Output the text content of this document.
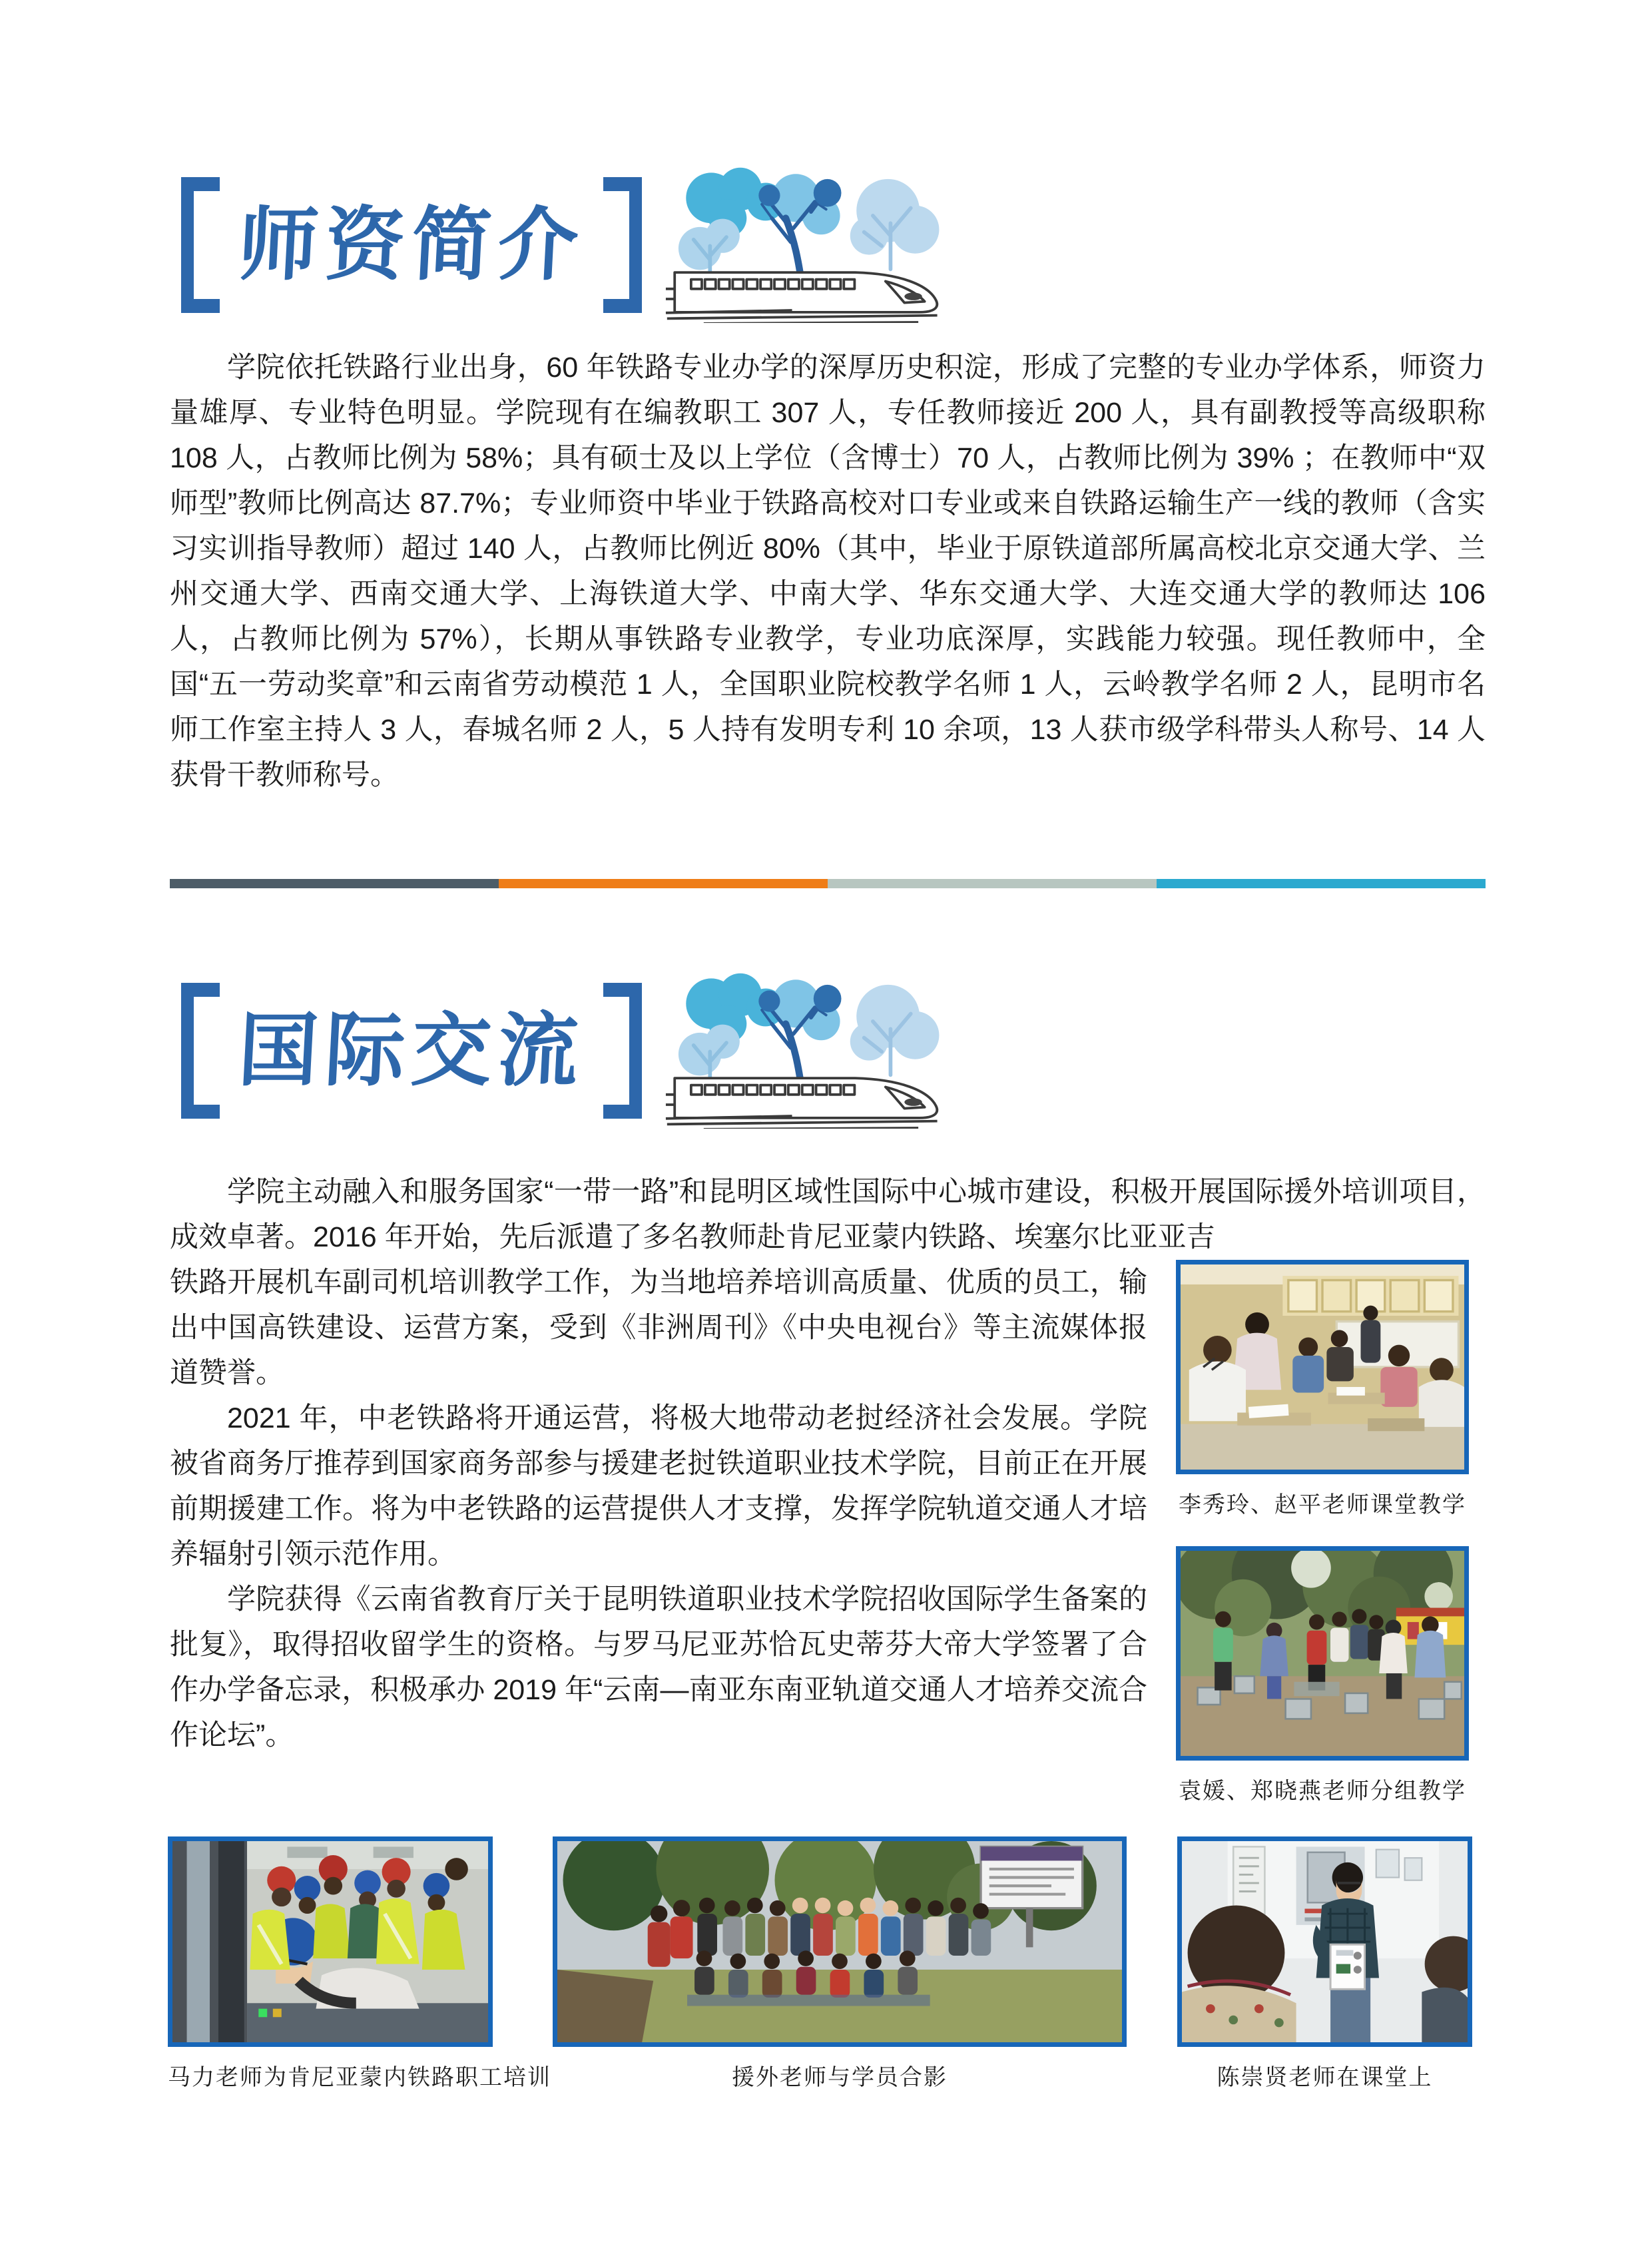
师资简介

学院依托铁路行业出身，60 年铁路专业办学的深厚历史积淀，形成了完整的专业办学体系，师资力量雄厚、专业特色明显。学院现有在编教职工 307 人，专任教师接近 200 人，具有副教授等高级职称 108 人，占教师比例为 58%；具有硕士及以上学位（含博士）70 人，占教师比例为 39% ；在教师中“双师型”教师比例高达 87.7%；专业师资中毕业于铁路高校对口专业或来自铁路运输生产一线的教师（含实习实训指导教师）超过 140 人，占教师比例近 80%（其中，毕业于原铁道部所属高校北京交通大学、兰州交通大学、西南交通大学、上海铁道大学、中南大学、华东交通大学、大连交通大学的教师达 106 人，占教师比例为 57%），长期从事铁路专业教学，专业功底深厚，实践能力较强。现任教师中，全国“五一劳动奖章”和云南省劳动模范 1 人，全国职业院校教学名师 1 人，云岭教学名师 2 人，昆明市名师工作室主持人 3 人，春城名师 2 人，5 人持有发明专利 10 余项，13 人获市级学科带头人称号、14 人获骨干教师称号。

国际交流

学院主动融入和服务国家“一带一路”和昆明区域性国际中心城市建设，积极开展国际援外培训项目，成效卓著。2016 年开始，先后派遣了多名教师赴肯尼亚蒙内铁路、埃塞尔比亚亚吉

铁路开展机车副司机培训教学工作，为当地培养培训高质量、优质的员工，输出中国高铁建设、运营方案，受到《非洲周刊》《中央电视台》等主流媒体报道赞誉。

2021 年，中老铁路将开通运营，将极大地带动老挝经济社会发展。学院被省商务厅推荐到国家商务部参与援建老挝铁道职业技术学院，目前正在开展前期援建工作。将为中老铁路的运营提供人才支撑，发挥学院轨道交通人才培养辐射引领示范作用。

学院获得《云南省教育厅关于昆明铁道职业技术学院招收国际学生备案的批复》，取得招收留学生的资格。与罗马尼亚苏恰瓦史蒂芬大帝大学签署了合作办学备忘录，积极承办 2019 年“云南—南亚东南亚轨道交通人才培养交流合作论坛”。

李秀玲、赵平老师课堂教学
袁媛、郑晓燕老师分组教学
马力老师为肯尼亚蒙内铁路职工培训	援外老师与学员合影	陈崇贤老师在课堂上
